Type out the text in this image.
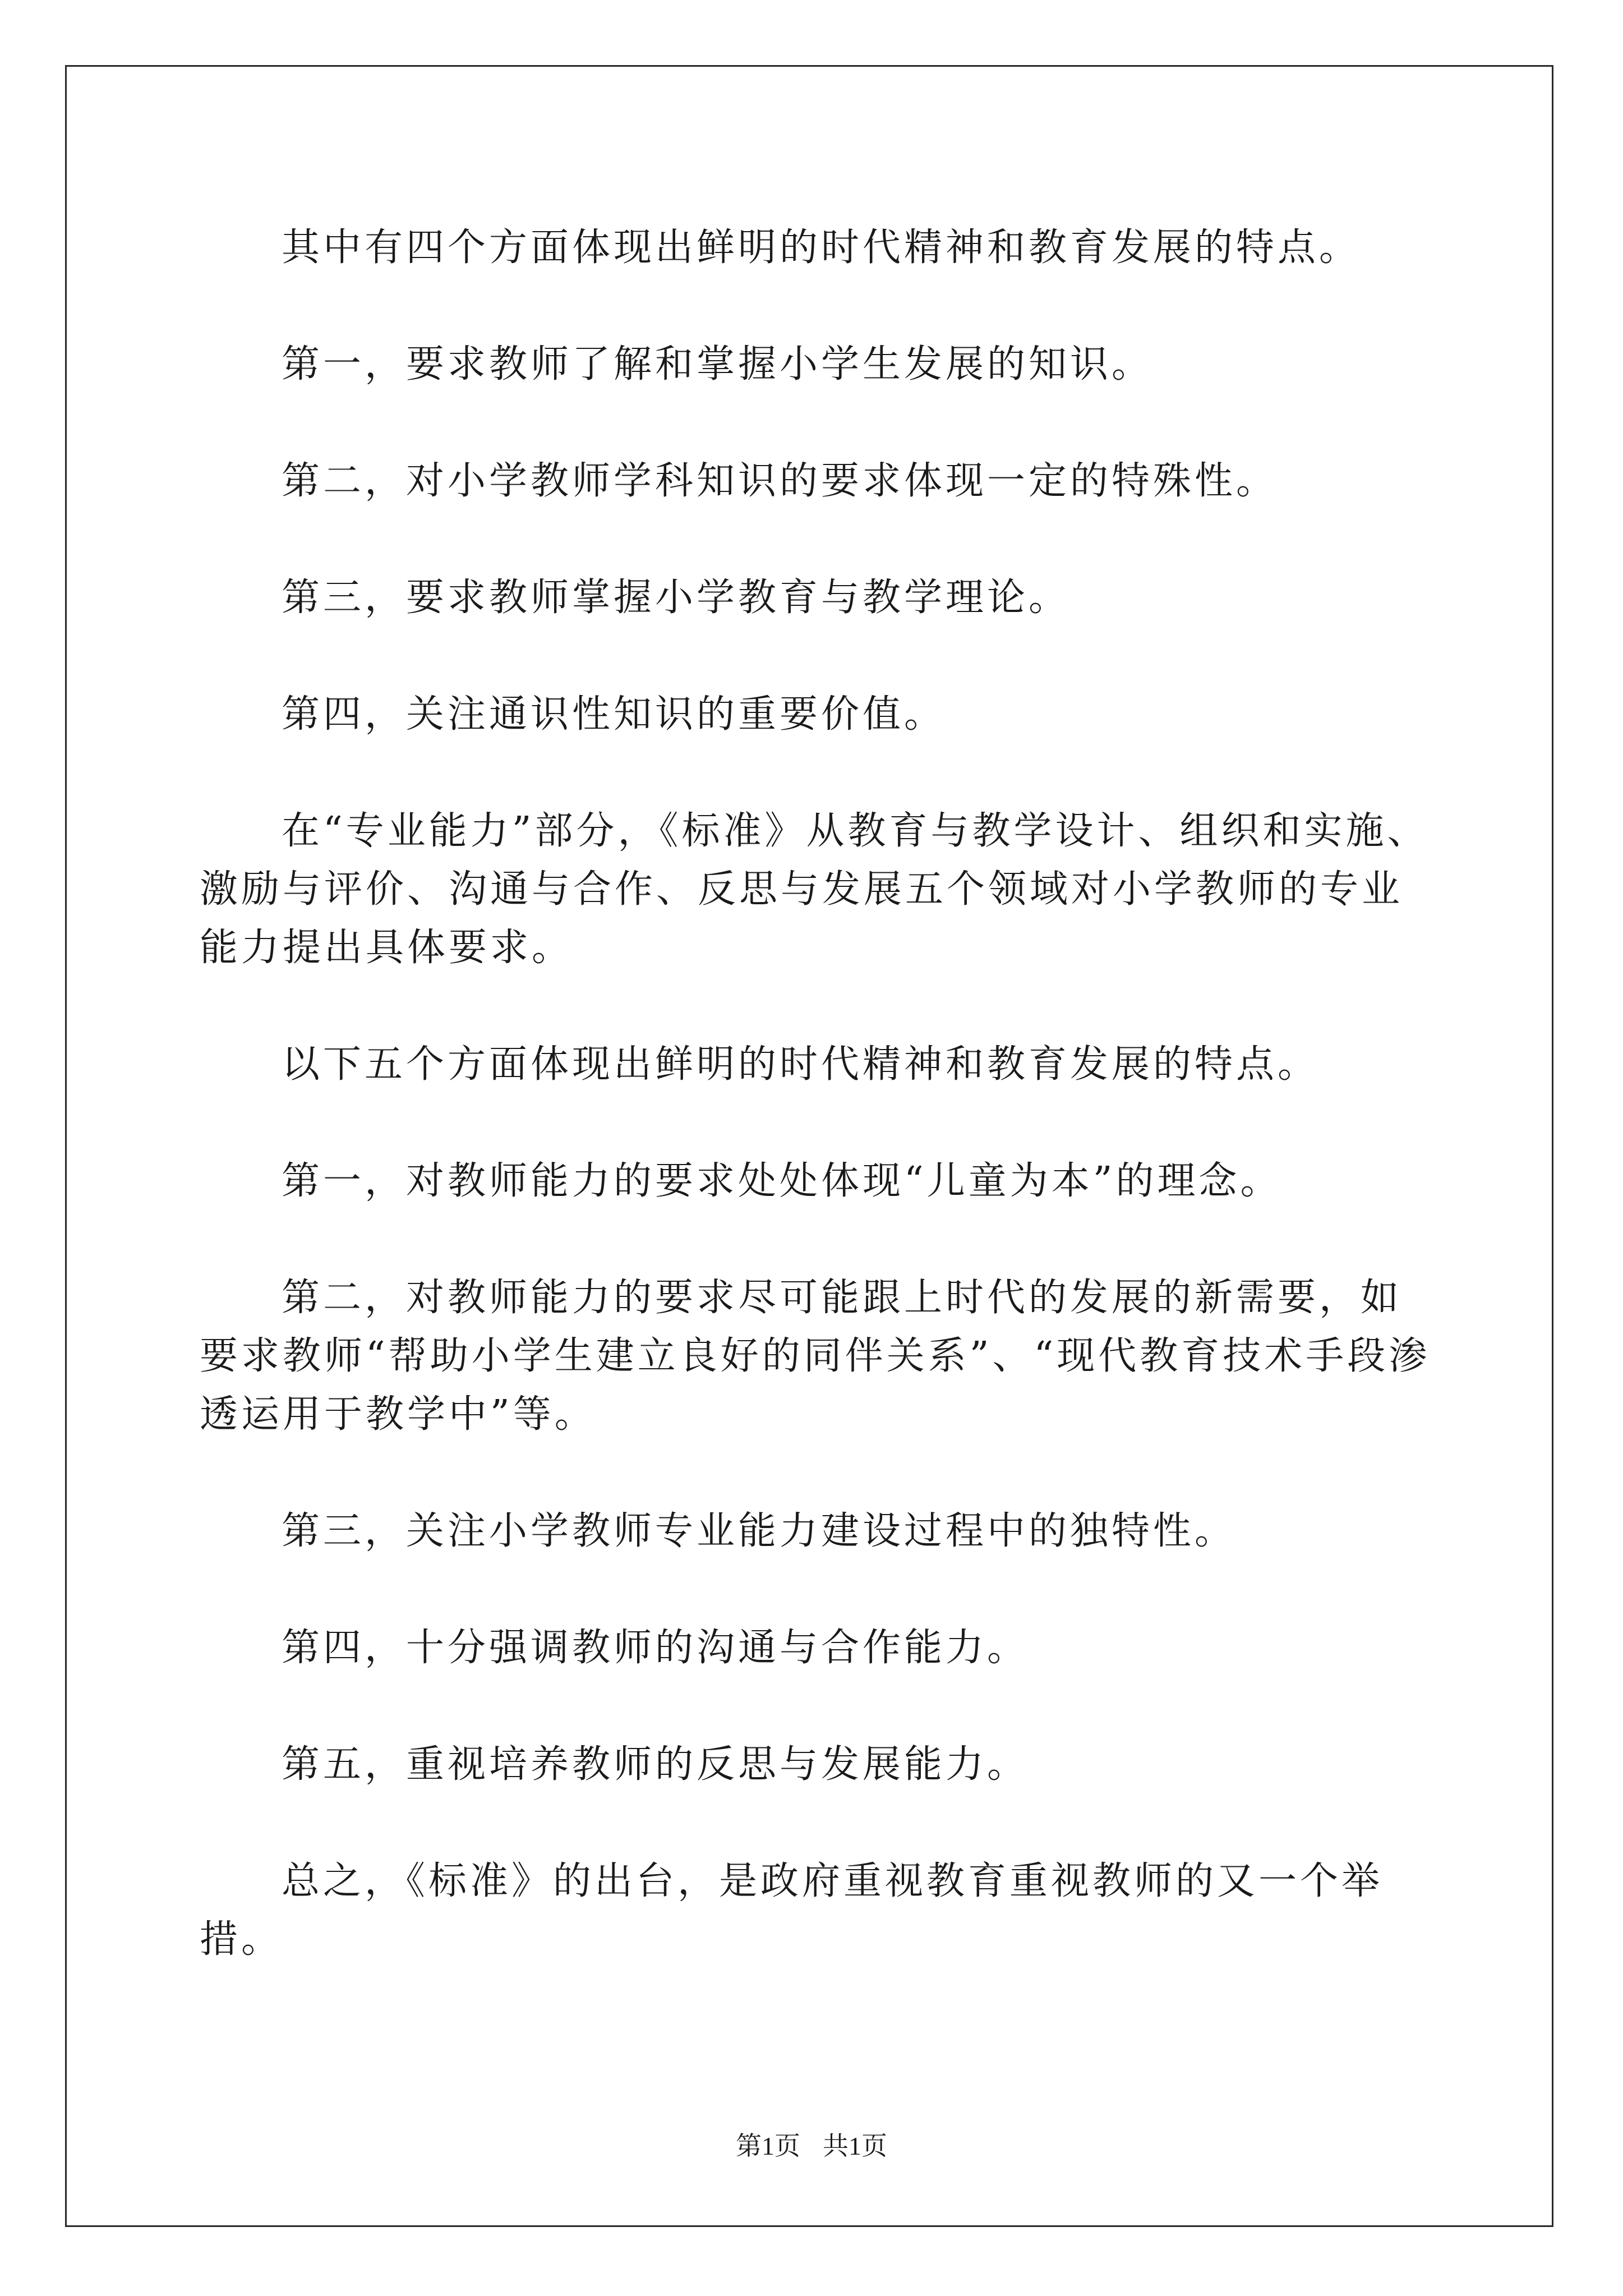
其中有四个方面体现出鲜明的时代精神和教育发展的特点。

第一，要求教师了解和掌握小学生发展的知识。

第二，对小学教师学科知识的要求体现一定的特殊性。

第三，要求教师掌握小学教育与教学理论。

第四，关注通识性知识的重要价值。

在“专业能力”部分，《标准》从教育与教学设计、组织和实施、激励与评价、沟通与合作、反思与发展五个领域对小学教师的专业能力提出具体要求。

以下五个方面体现出鲜明的时代精神和教育发展的特点。

第一，对教师能力的要求处处体现“儿童为本”的理念。

第二，对教师能力的要求尽可能跟上时代的发展的新需要，如要求教师“帮助小学生建立良好的同伴关系”、“现代教育技术手段渗透运用于教学中”等。

第三，关注小学教师专业能力建设过程中的独特性。

第四，十分强调教师的沟通与合作能力。

第五，重视培养教师的反思与发展能力。

总之，《标准》的出台，是政府重视教育重视教师的又一个举措。

第1页 共1页
